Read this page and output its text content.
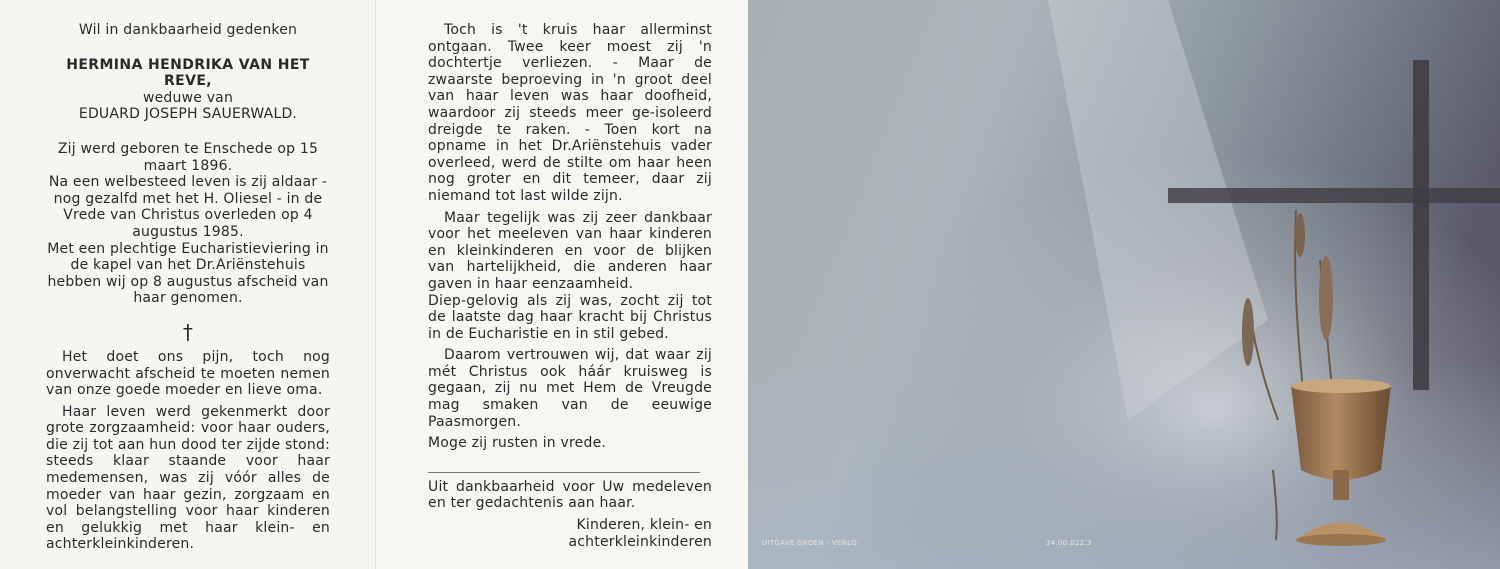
UITGAVE GROEN - VENLO	34.00.022.3
Wil in dankbaarheid gedenken
HERMINA HENDRIKA VAN HET REVE,
weduwe van
EDUARD JOSEPH SAUERWALD.
Zij werd geboren te Enschede op 15 maart 1896.
Na een welbesteed leven is zij aldaar - nog gezalfd met het H. Oliesel - in de Vrede van Christus overleden op 4 augustus 1985.
Met een plechtige Eucharistieviering in de kapel van het Dr.Ariënstehuis hebben wij op 8 augustus afscheid van haar genomen.
†
Het doet ons pijn, toch nog onverwacht afscheid te moeten nemen van onze goede moeder en lieve oma.
Haar leven werd gekenmerkt door grote zorgzaamheid: voor haar ouders, die zij tot aan hun dood ter zijde stond: steeds klaar staande voor haar medemensen, was zij vóór alles de moeder van haar gezin, zorgzaam en vol belangstelling voor haar kinderen en gelukkig met haar klein- en achterkleinkinderen.
Toch is 't kruis haar allerminst ontgaan. Twee keer moest zij 'n dochtertje verliezen. - Maar de zwaarste beproeving in 'n groot deel van haar leven was haar doofheid, waardoor zij steeds meer ge-isoleerd dreigde te raken. - Toen kort na opname in het Dr.Ariënstehuis vader overleed, werd de stilte om haar heen nog groter en dit temeer, daar zij niemand tot last wilde zijn.
Maar tegelijk was zij zeer dankbaar voor het meeleven van haar kinderen en kleinkinderen en voor de blijken van hartelijkheid, die anderen haar gaven in haar eenzaamheid.
Diep-gelovig als zij was, zocht zij tot de laatste dag haar kracht bij Christus in de Eucharistie en in stil gebed.
Daarom vertrouwen wij, dat waar zij mét Christus ook háár kruisweg is gegaan, zij nu met Hem de Vreugde mag smaken van de eeuwige Paasmorgen.
Moge zij rusten in vrede.
Uit dankbaarheid voor Uw medeleven en ter gedachtenis aan haar.
Kinderen, klein- en
achterkleinkinderen
